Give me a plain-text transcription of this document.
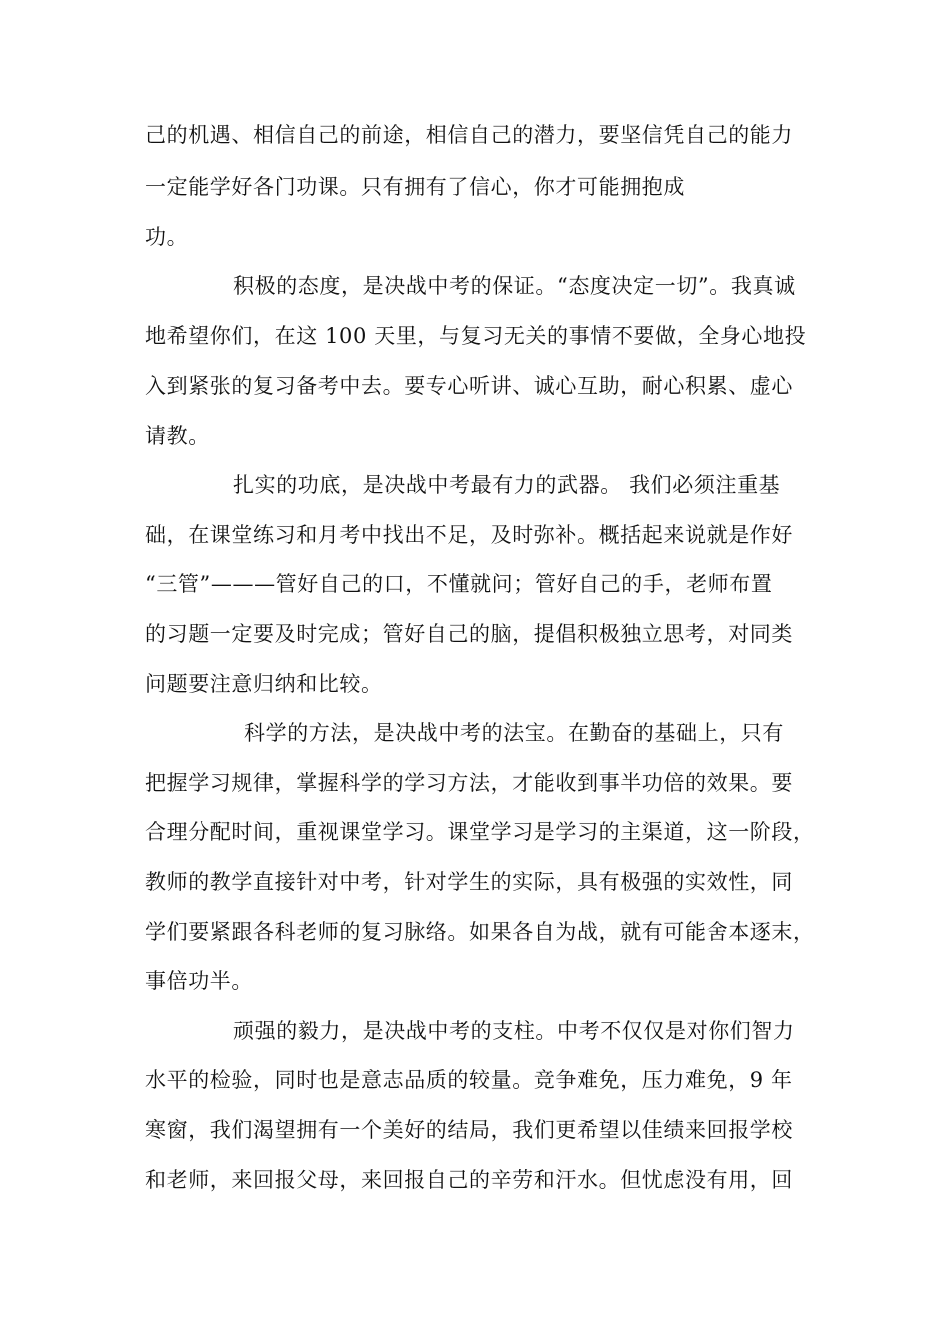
己的机遇、相信自己的前途，相信自己的潜力，要坚信凭自己的能力
一定能学好各门功课。只有拥有了信心，你才可能拥抱成
功。
积极的态度，是决战中考的保证。“态度决定一切”。我真诚
地希望你们，在这 100 天里，与复习无关的事情不要做，全身心地投
入到紧张的复习备考中去。要专心听讲、诚心互助，耐心积累、虚心
请教。
扎实的功底，是决战中考最有力的武器。 我们必须注重基
础，在课堂练习和月考中找出不足，及时弥补。概括起来说就是作好
“三管”———管好自己的口，不懂就问；管好自己的手，老师布置
的习题一定要及时完成；管好自己的脑，提倡积极独立思考，对同类
问题要注意归纳和比较。
科学的方法，是决战中考的法宝。在勤奋的基础上，只有
把握学习规律，掌握科学的学习方法，才能收到事半功倍的效果。要
合理分配时间，重视课堂学习。课堂学习是学习的主渠道，这一阶段，
教师的教学直接针对中考，针对学生的实际，具有极强的实效性，同
学们要紧跟各科老师的复习脉络。如果各自为战，就有可能舍本逐末，
事倍功半。
顽强的毅力，是决战中考的支柱。中考不仅仅是对你们智力
水平的检验，同时也是意志品质的较量。竞争难免，压力难免，9 年
寒窗，我们渴望拥有一个美好的结局，我们更希望以佳绩来回报学校
和老师，来回报父母，来回报自己的辛劳和汗水。但忧虑没有用，回
